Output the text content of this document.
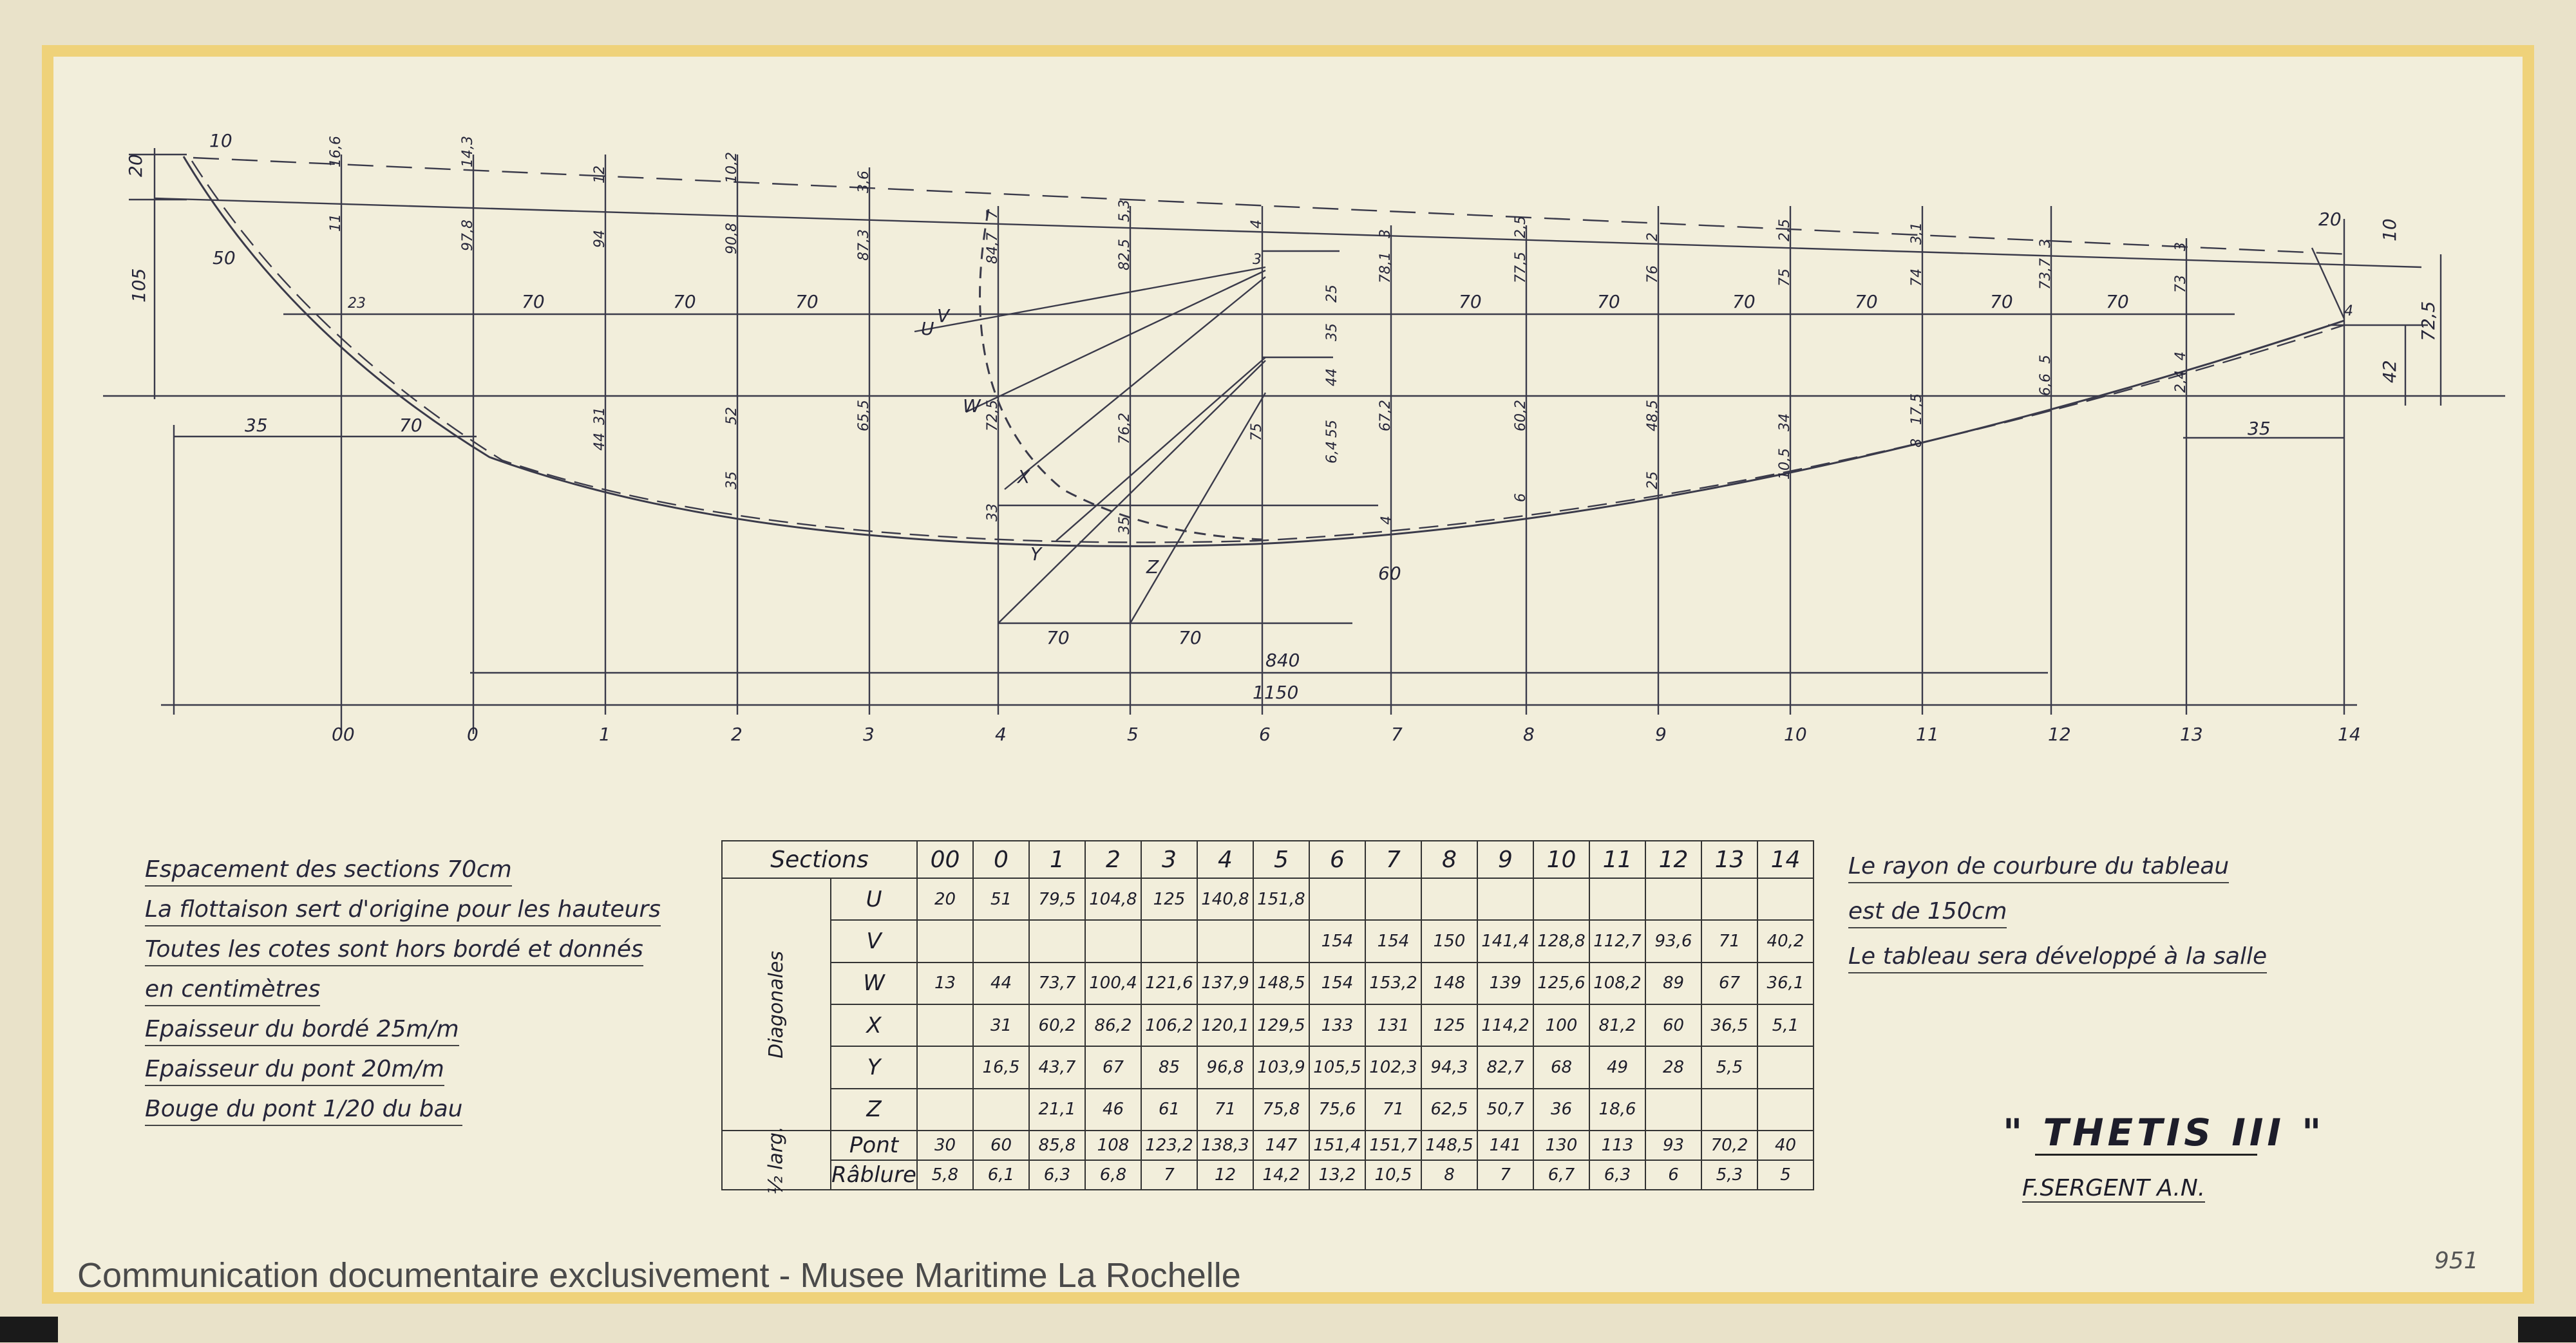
00	0	1	2	3	4	5	6	7	8	9	10	11	12	13	14
1150
840
35	70	35
50
70	70
70	70	70	70	70	70	70	70	70
10
20
60
105
20
10
72,5
42
U
V
W
X
Y
Z
16,6	14,3
12	10,2	3,6
7	5,3
4
3	2,5	2	2,5	3,1	3	3
11	97,8	94	90,8	87,3	84,7	82,5	78,1	77,5	76	75	74	73,7	73
31
44
52	65,5	72,5	76,2	75
67,2	60,2	48,5	34	17,5
6,6	2,4
35
33
35
25
4
6
10,5
8
5	4
4
25
35
44
55
6,4
3
23
Espacement des sections 70cm
La flottaison sert d'origine pour les hauteurs
Toutes les cotes sont hors bordé et donnés
en centimètres
Epaisseur du bordé 25m/m
Epaisseur du pont 20m/m
Bouge du pont 1/20 du bau
Le rayon de courbure du tableau
est de 150cm
Le tableau sera développé à la salle
Sections		00	0	1	2	3	4	5	6	7	8	9	10	11	12	13	14
Diagonales	U	20	51	79,5	104,8	125	140,8	151,8									
	V								154	154	150	141,4	128,8	112,7	93,6	71	40,2
	W	13	44	73,7	100,4	121,6	137,9	148,5	154	153,2	148	139	125,6	108,2	89	67	36,1
	X		31	60,2	86,2	106,2	120,1	129,5	133	131	125	114,2	100	81,2	60	36,5	5,1
	Y		16,5	43,7	67	85	96,8	103,9	105,5	102,3	94,3	82,7	68	49	28	5,5	
	Z			21,1	46	61	71	75,8	75,6	71	62,5	50,7	36	18,6			
½ larg.	Pont	30	60	85,8	108	123,2	138,3	147	151,4	151,7	148,5	141	130	113	93	70,2	40
	Râblure	5,8	6,1	6,3	6,8	7	12	14,2	13,2	10,5	8	7	6,7	6,3	6	5,3	5
" THETIS III "
F.SERGENT A.N.
Communication documentaire exclusivement - Musee Maritime La Rochelle	951
